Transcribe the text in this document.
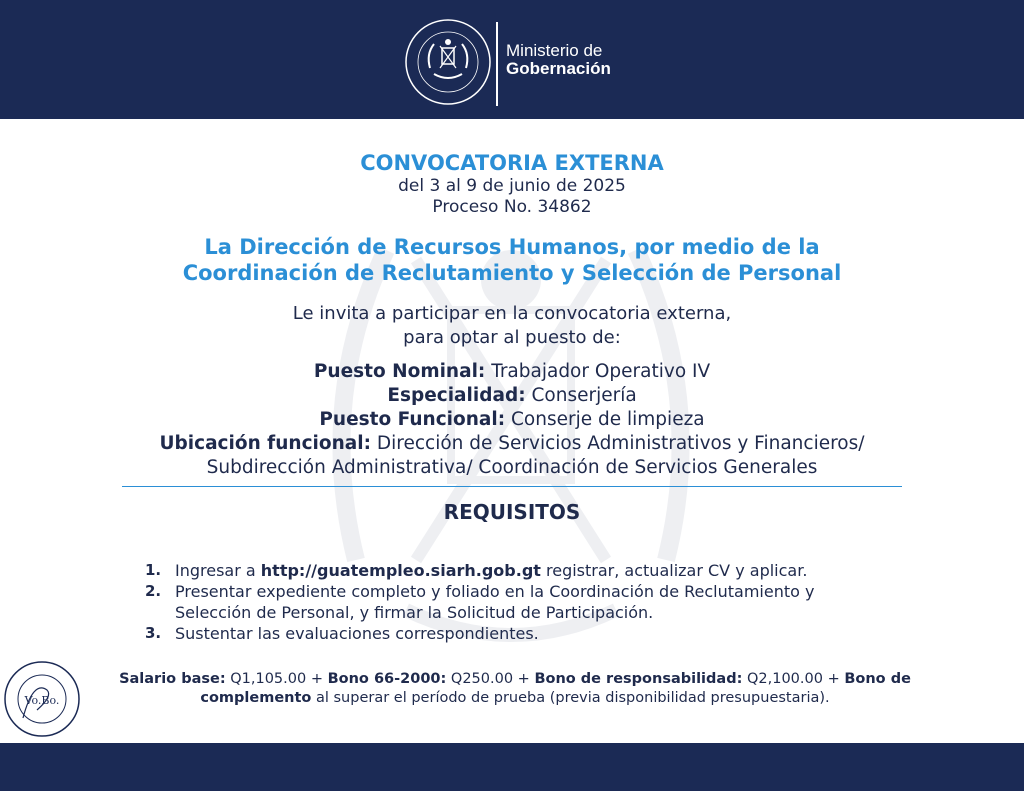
Ministerio de
Gobernación

CONVOCATORIA EXTERNA

del 3 al 9 de junio de 2025

Proceso No. 34862

La Dirección de Recursos Humanos, por medio de la
Coordinación de Reclutamiento y Selección de Personal
Le invita a participar en la convocatoria externa,
para optar al puesto de:
Puesto Nominal: Trabajador Operativo IV
Especialidad: Conserjería
Puesto Funcional: Conserje de limpieza
Ubicación funcional: Dirección de Servicios Administrativos y Financieros/
Subdirección Administrativa/ Coordinación de Servicios Generales
REQUISITOS
1. Ingresar a http://guatempleo.siarh.gob.gt registrar, actualizar CV y aplicar.
2. Presentar expediente completo y foliado en la Coordinación de Reclutamiento y
Selección de Personal, y firmar la Solicitud de Participación.
3. Sustentar las evaluaciones correspondientes.
Salario base: Q1,105.00 + Bono 66-2000: Q250.00 + Bono de responsabilidad: Q2,100.00 + Bono de complemento al superar el período de prueba (previa disponibilidad presupuestaria).
Vo.Bo.
